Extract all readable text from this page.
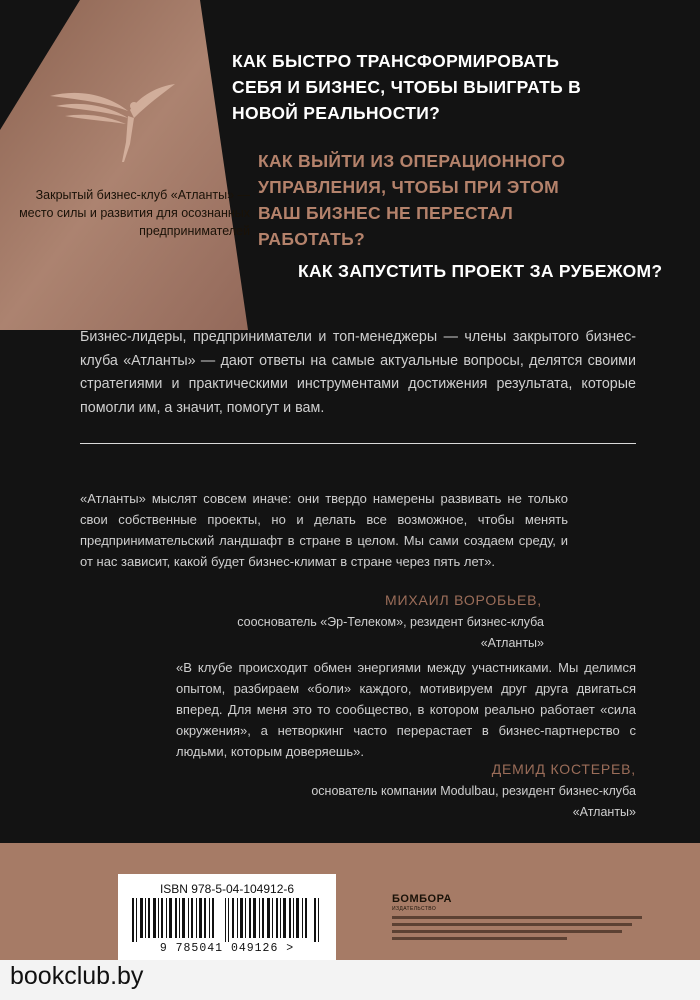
Закрытый бизнес-клуб «Атланты» — место силы и развития для осознанных предпринимателей
КАК БЫСТРО ТРАНСФОРМИРОВАТЬ СЕБЯ И БИЗНЕС, ЧТОБЫ ВЫИГРАТЬ В НОВОЙ РЕАЛЬНОСТИ?
КАК ВЫЙТИ ИЗ ОПЕРАЦИОННОГО УПРАВЛЕНИЯ, ЧТОБЫ ПРИ ЭТОМ ВАШ БИЗНЕС НЕ ПЕРЕСТАЛ РАБОТАТЬ?
КАК ЗАПУСТИТЬ ПРОЕКТ ЗА РУБЕЖОМ?
Бизнес-лидеры, предприниматели и топ-менеджеры — члены закрытого бизнес-клуба «Атланты» — дают ответы на самые актуальные вопросы, делятся своими стратегиями и практическими инструментами достижения результата, которые помогли им, а значит, помогут и вам.
«Атланты» мыслят совсем иначе: они твердо намерены развивать не только свои собственные проекты, но и делать все возможное, чтобы менять предпринимательский ландшафт в стране в целом. Мы сами создаем среду, и от нас зависит, какой будет бизнес-климат в стране через пять лет».
МИХАИЛ ВОРОБЬЕВ,
сооснователь «Эр-Телеком», резидент бизнес-клуба «Атланты»
«В клубе происходит обмен энергиями между участниками. Мы делимся опытом, разбираем «боли» каждого, мотивируем друг друга двигаться вперед. Для меня это то сообщество, в котором реально работает «сила окружения», а нетворкинг часто перерастает в бизнес-партнерство с людьми, которым доверяешь».
ДЕМИД КОСТЕРЕВ,
основатель компании Modulbau, резидент бизнес-клуба «Атланты»
ISBN 978-5-04-104912-6
9 785041 049126 >
БОМБОРА
ИЗДАТЕЛЬСТВО
bookclub.by
